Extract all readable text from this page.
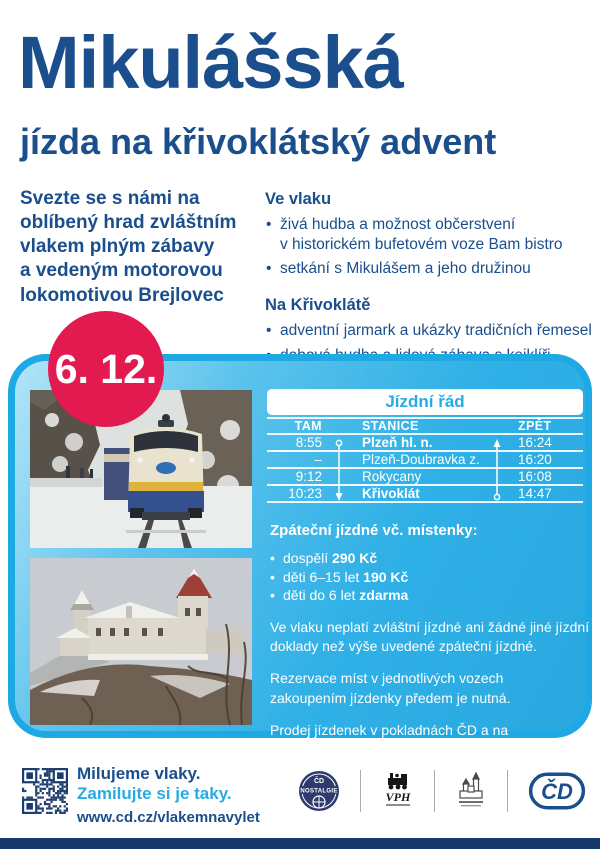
Mikulášská
jízda na křivoklátský advent
Svezte se s námi na
oblíbený hrad zvláštním
vlakem plným zábavy
a vedeným motorovou
lokomotivou Brejlovec
Ve vlaku
• živá hudba a možnost občerstvení
v historickém bufetovém voze Bam bistro
• setkání s Mikulášem a jeho družinou
Na Křivoklátě
• adventní jarmark a ukázky tradičních řemesel
•
6. 12.
Jízdní řád
TAM	STANICE	ZPĚT
8:55	Plzeň hl. n.	16:24
–	Plzeň-Doubravka z.	16:20
9:12	Rokycany	16:08
10:23	Křivoklát	14:47
Zpáteční jízdné vč. místenky:
• dospělí 290 Kč
• děti 6–15 let 190 Kč
• děti do 6 let zdarma

Ve vlaku neplatí zvláštní jízdné ani žádné jiné jízdní
doklady než výše uvedené zpáteční jízdné.

Rezervace míst v jednotlivých vozech
zakoupením jízdenky předem je nutná.

Prodej jízdenek v pokladnách ČD a na
www.cd.cz/eshop od 11. 11. 2025.

Milujeme vlaky.
Zamilujte si je taky.
www.cd.cz/vlakemnavylet
ČD
NOSTALGIE	VPH	ČD
